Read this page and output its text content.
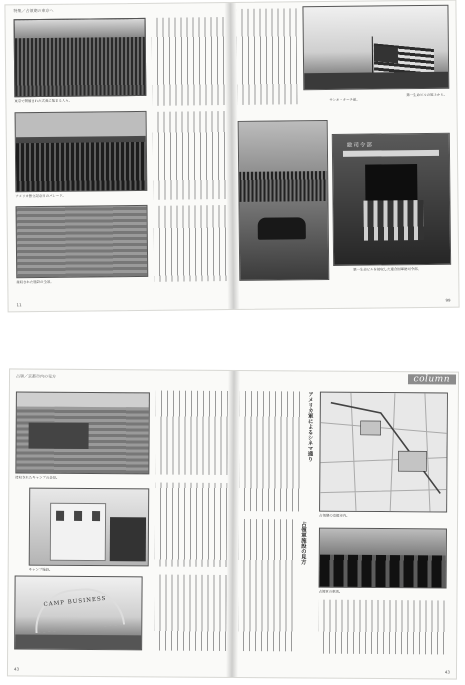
特集／占領期の東京へ
東京で開催された式典に集まる人々。
アメリカ独立記念日のパレード。
接収された施設の全景。
11
第一生命ビルの屋上から。
サンネ・キーチ前。
総司令部
第一生命ビルを接収した連合国軍総司令部。
99
占領／京都市内の見方
接収されたキャンプの全景。
キャンプ施設。
CAMP BUSINESS
43
column
アメリカ軍によるシネマ通り
占領軍施設の見方
占領期の京都市内。
占領軍の車両。
43
